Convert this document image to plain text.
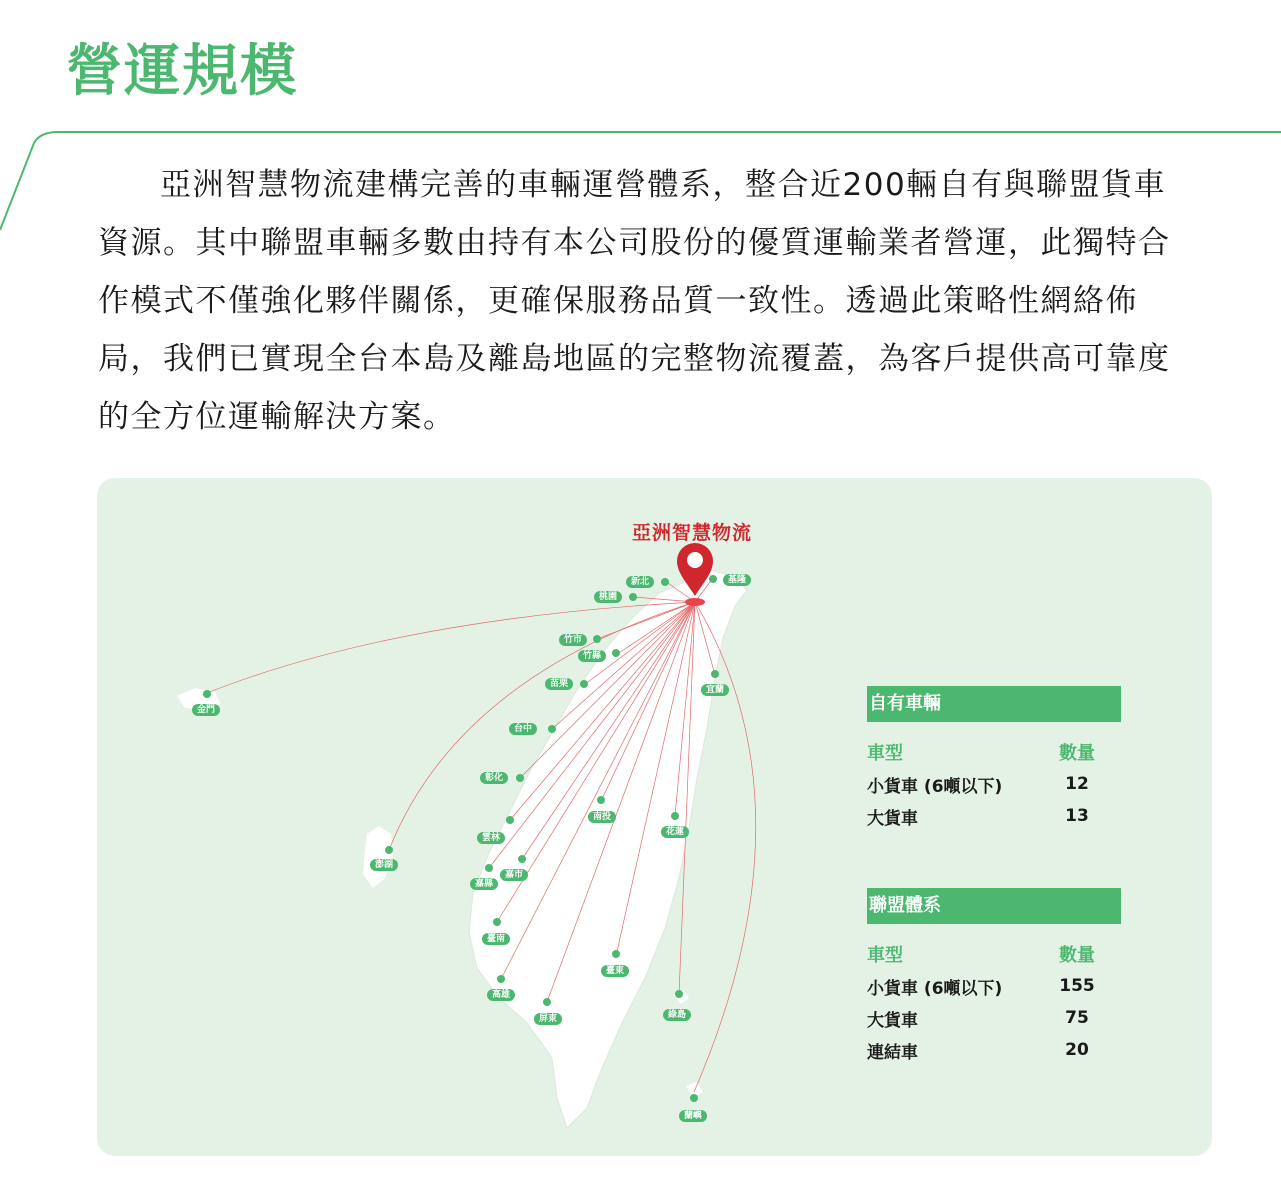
營運規模

亞洲智慧物流建構完善的車輛運營體系，整合近200輛自有與聯盟貨車資源。其中聯盟車輛多數由持有本公司股份的優質運輸業者營運，此獨特合作模式不僅強化夥伴關係，更確保服務品質一致性。透過此策略性網絡佈局，我們已實現全台本島及離島地區的完整物流覆蓋，為客戶提供高可靠度的全方位運輸解決方案。

亞洲智慧物流
基隆
新北
桃園
竹市
竹縣
苗栗
宜蘭
金門
台中
彰化
雲林
南投
花蓮
澎湖
嘉市
嘉縣
臺南
臺東
高雄
屏東	綠島
蘭嶼
自有車輛
車型	數量
小貨車 (6噸以下)	12
大貨車	13
聯盟體系
車型	數量
小貨車 (6噸以下)	155
大貨車	75
連結車	20
